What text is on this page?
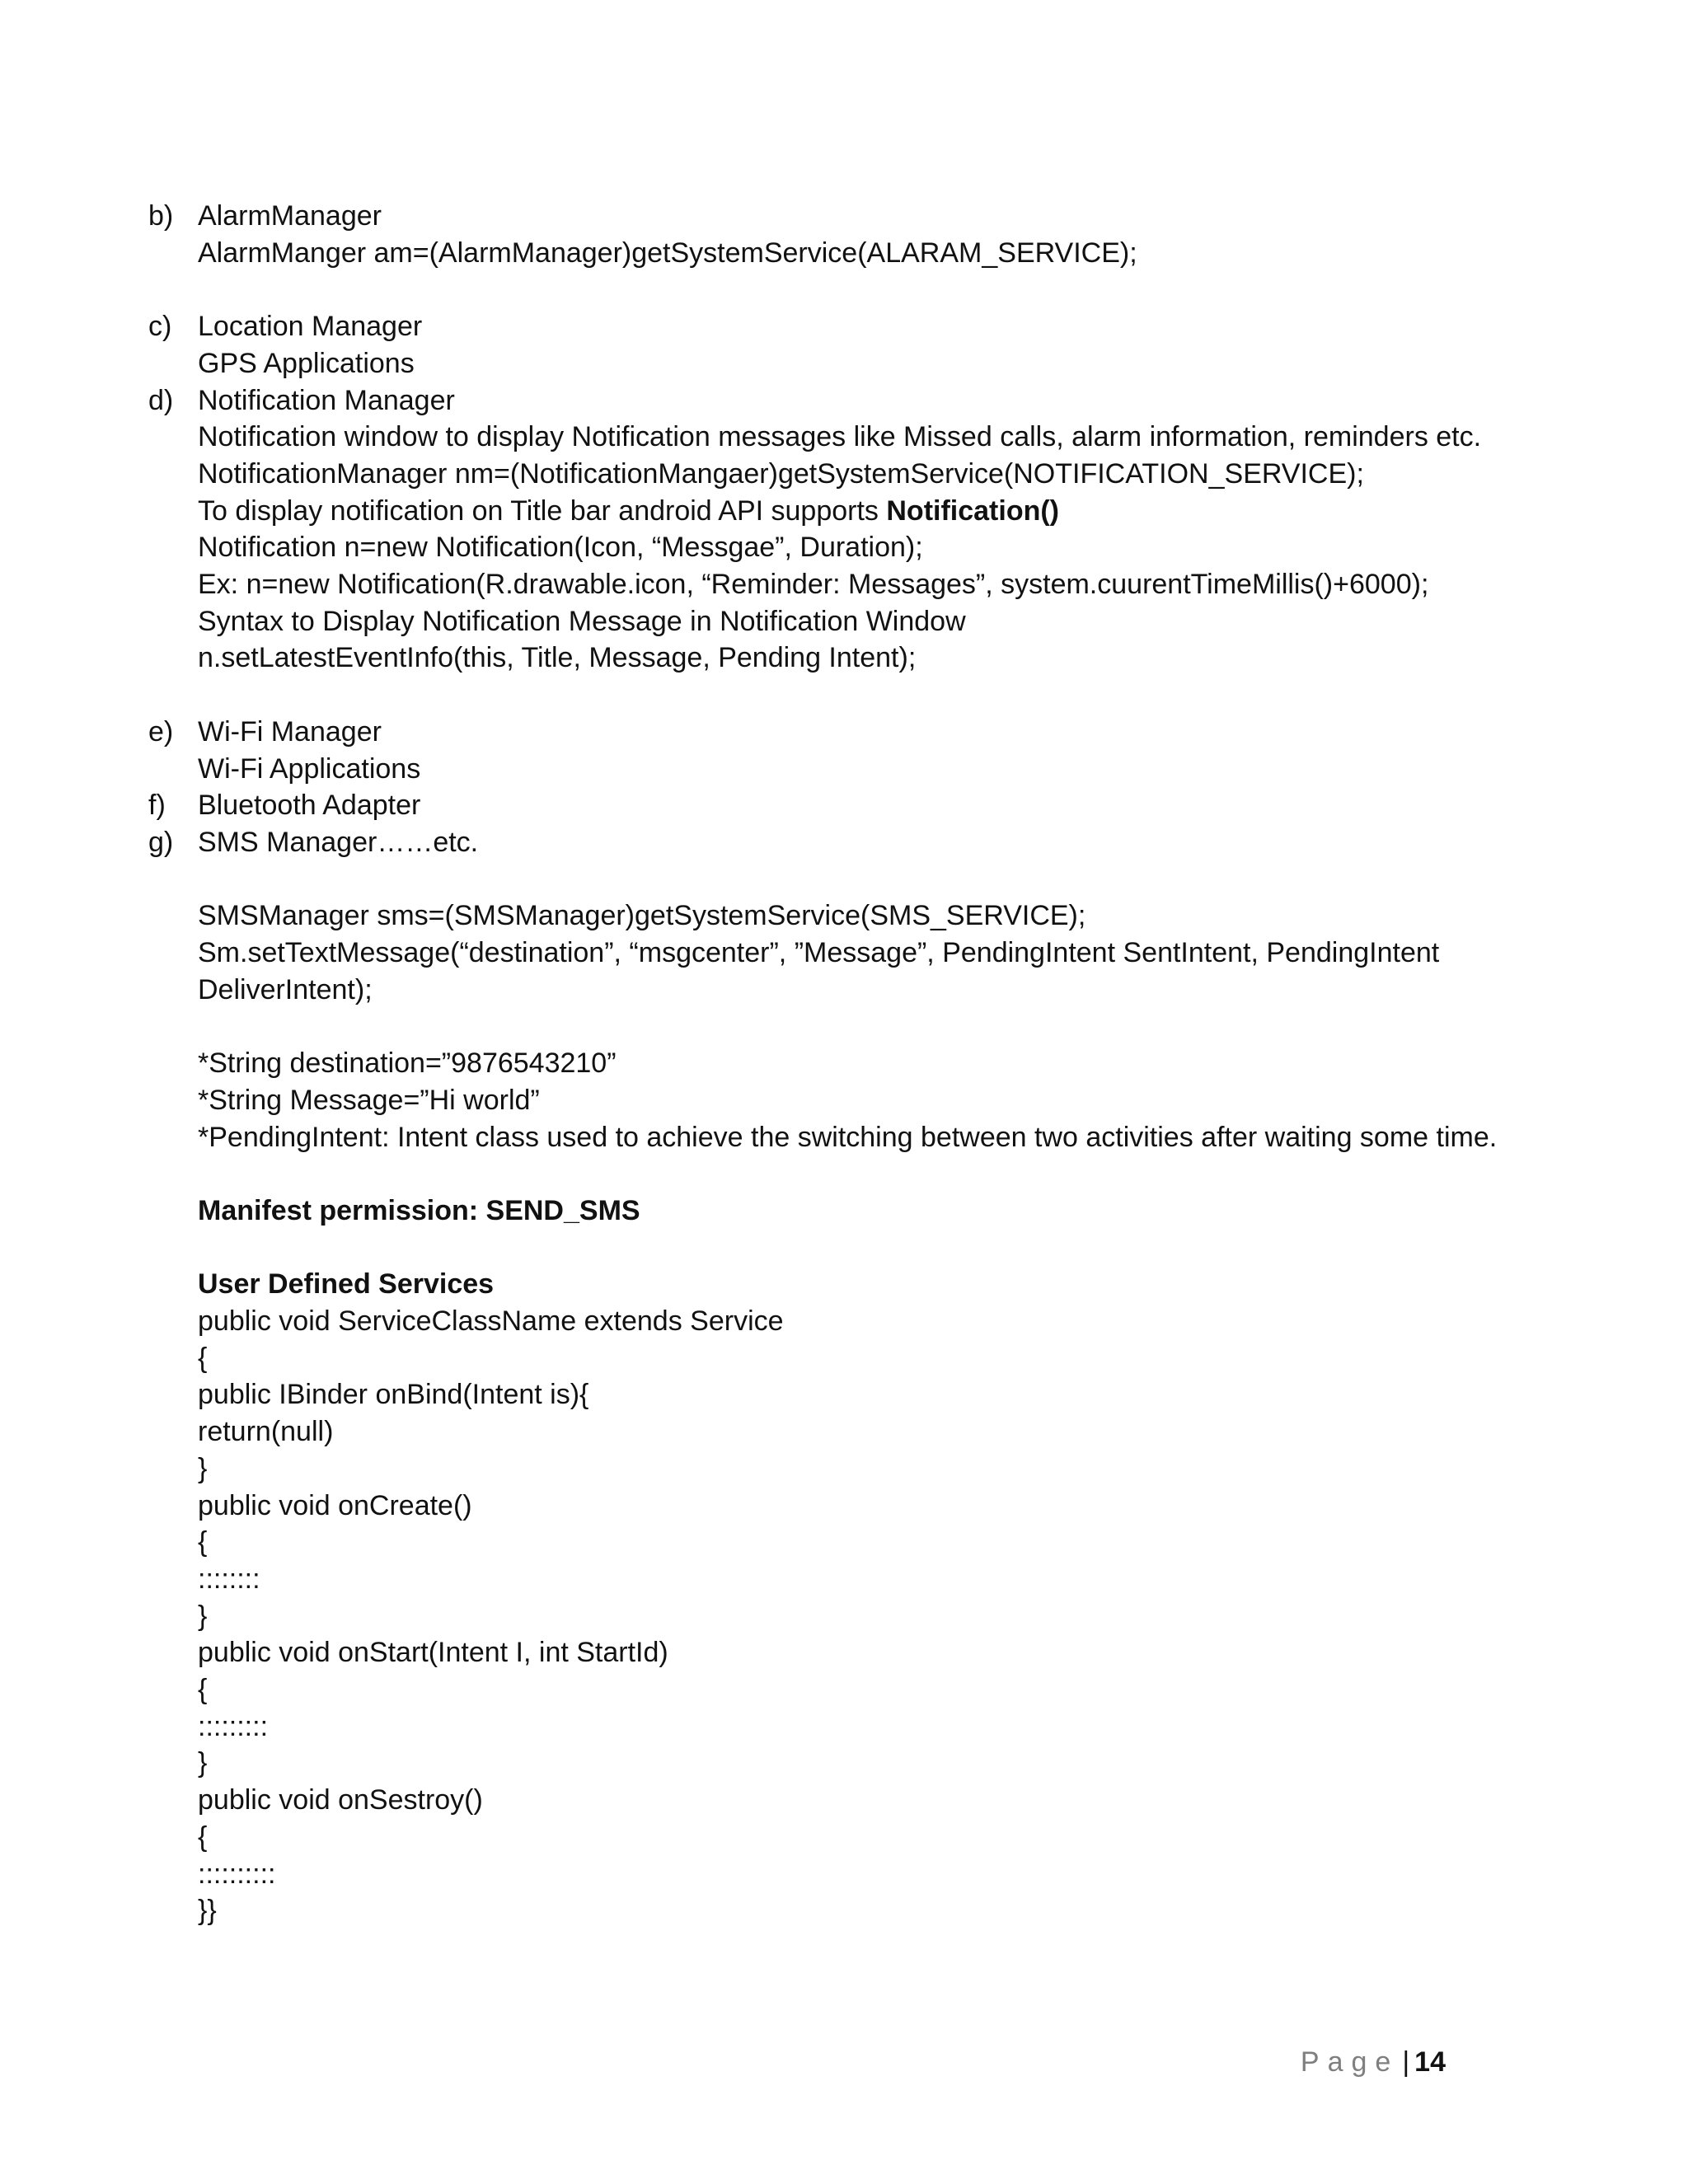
b) AlarmManager
AlarmManger am=(AlarmManager)getSystemService(ALARAM_SERVICE);
c) Location Manager
GPS Applications
d) Notification Manager
Notification window to display Notification messages like Missed calls, alarm information, reminders etc.
NotificationManager nm=(NotificationMangaer)getSystemService(NOTIFICATION_SERVICE);
To display notification on Title bar android API supports Notification()
Notification n=new Notification(Icon, “Messgae”, Duration);
Ex: n=new Notification(R.drawable.icon, “Reminder: Messages”, system.cuurentTimeMillis()+6000);
Syntax to Display Notification Message in Notification Window
n.setLatestEventInfo(this, Title, Message, Pending Intent);
e) Wi-Fi Manager
Wi-Fi Applications
f) Bluetooth Adapter
g) SMS Manager……etc.
SMSManager sms=(SMSManager)getSystemService(SMS_SERVICE);
Sm.setTextMessage(“destination”, “msgcenter”, ”Message”, PendingIntent SentIntent, PendingIntent DeliverIntent);
*String destination=”9876543210”
*String Message=”Hi world”
*PendingIntent: Intent class used to achieve the switching between two activities after waiting some time.
Manifest permission: SEND_SMS
User Defined Services
public void ServiceClassName extends Service
{
public IBinder onBind(Intent is){
return(null)
}
public void onCreate()
{
::::::::
}
public void onStart(Intent I, int StartId)
{
:::::::::
}
public void onSestroy()
{
::::::::::
}}
Page | 14
